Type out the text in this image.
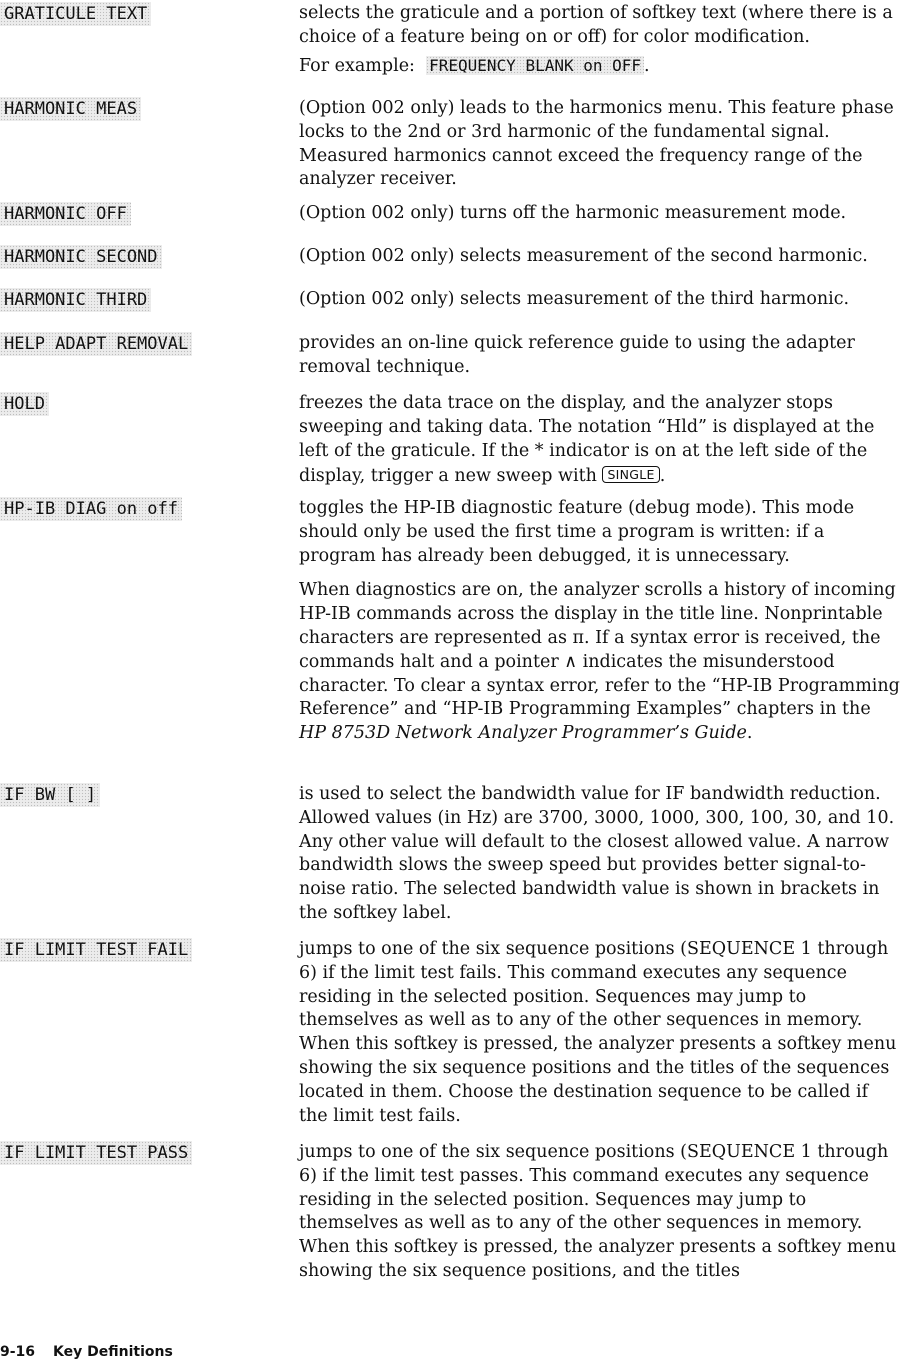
GRATICULE TEXT	selects the graticule and a portion of softkey text (where there is a choice of a feature being on or off) for color modification.

For example: FREQUENCY BLANK on OFF .

HARMONIC MEAS	(Option 002 only) leads to the harmonics menu. This feature phase locks to the 2nd or 3rd harmonic of the fundamental signal. Measured harmonics cannot exceed the frequency range of the analyzer receiver.

HARMONIC OFF	(Option 002 only) turns off the harmonic measurement mode.

HARMONIC SECOND	(Option 002 only) selects measurement of the second harmonic.

HARMONIC THIRD	(Option 002 only) selects measurement of the third harmonic.

HELP ADAPT REMOVAL	provides an on-line quick reference guide to using the adapter removal technique.

HOLD	freezes the data trace on the display, and the analyzer stops sweeping and taking data. The notation “Hld” is displayed at the left of the graticule. If the * indicator is on at the left side of the display, trigger a new sweep with SINGLE .

HP-IB DIAG on off	toggles the HP-IB diagnostic feature (debug mode). This mode should only be used the first time a program is written: if a program has already been debugged, it is unnecessary.

When diagnostics are on, the analyzer scrolls a history of incoming HP-IB commands across the display in the title line. Nonprintable characters are represented as π. If a syntax error is received, the commands halt and a pointer ∧ indicates the misunderstood character. To clear a syntax error, refer to the “HP-IB Programming Reference” and “HP-IB Programming Examples” chapters in the HP 8753D Network Analyzer Programmer’s Guide.

IF BW [ ]	is used to select the bandwidth value for IF bandwidth reduction. Allowed values (in Hz) are 3700, 3000, 1000, 300, 100, 30, and 10. Any other value will default to the closest allowed value. A narrow bandwidth slows the sweep speed but provides better signal-to-noise ratio. The selected bandwidth value is shown in brackets in the softkey label.

IF LIMIT TEST FAIL	jumps to one of the six sequence positions (SEQUENCE 1 through 6) if the limit test fails. This command executes any sequence residing in the selected position. Sequences may jump to themselves as well as to any of the other sequences in memory. When this softkey is pressed, the analyzer presents a softkey menu showing the six sequence positions and the titles of the sequences located in them. Choose the destination sequence to be called if the limit test fails.

IF LIMIT TEST PASS	jumps to one of the six sequence positions (SEQUENCE 1 through 6) if the limit test passes. This command executes any sequence residing in the selected position. Sequences may jump to themselves as well as to any of the other sequences in memory. When this softkey is pressed, the analyzer presents a softkey menu showing the six sequence positions, and the titles

9-16 Key Definitions
